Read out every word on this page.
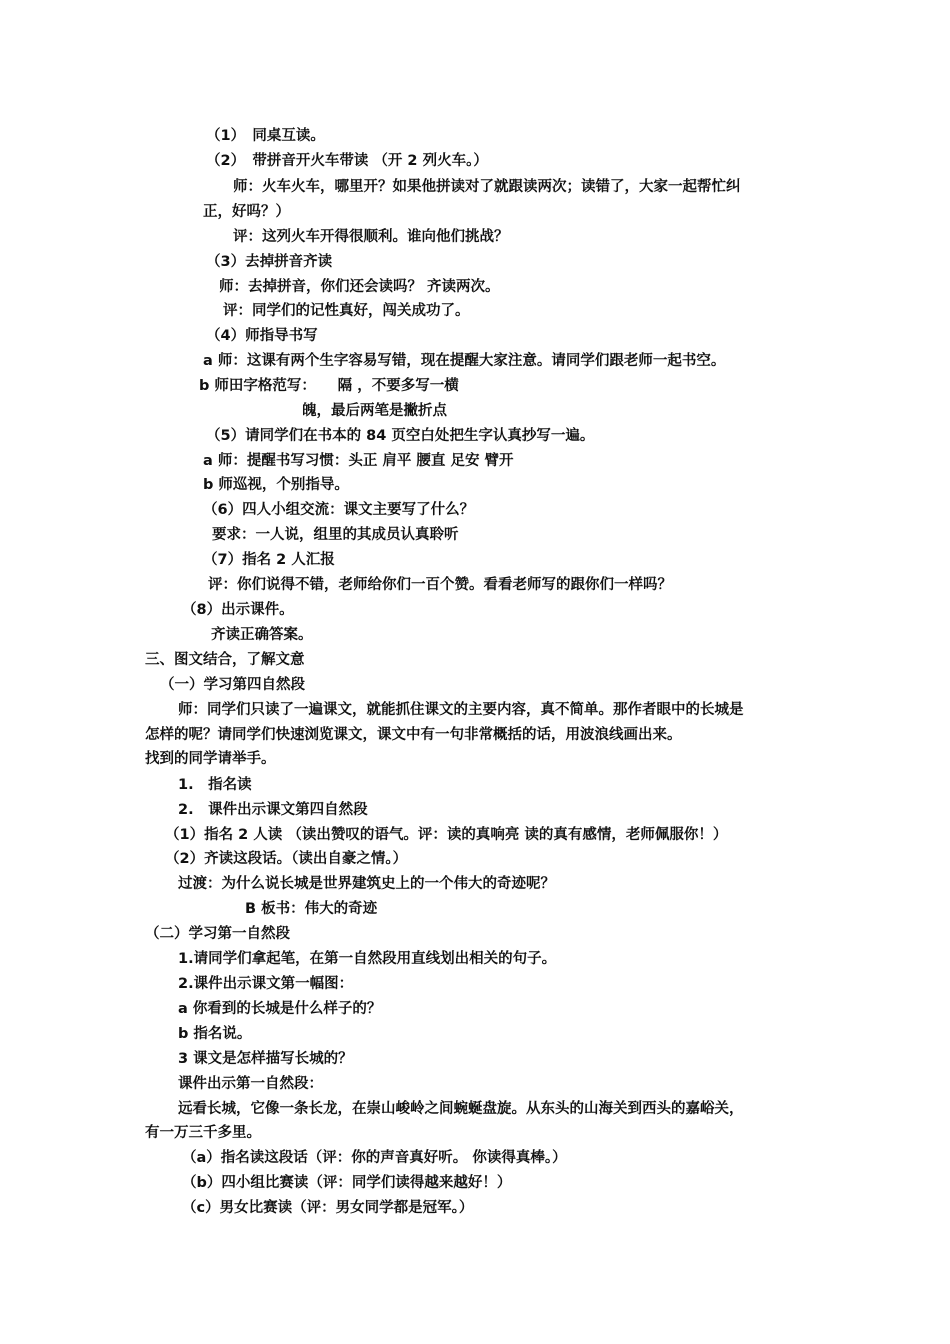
（1）　同桌互读。
（2）　带拼音开火车带读 （开 2 列火车。）
师：火车火车，哪里开？如果他拼读对了就跟读两次；读错了，大家一起帮忙纠
正，好吗？）
评：这列火车开得很顺利。谁向他们挑战？
（3）去掉拼音齐读
师：去掉拼音，你们还会读吗？ 齐读两次。
评：同学们的记性真好，闯关成功了。
（4）师指导书写
a 师：这课有两个生字容易写错，现在提醒大家注意。请同学们跟老师一起书空。
b 师田字格范写：　　隔 ，不要多写一横
魄，最后两笔是撇折点
（5）请同学们在书本的 84 页空白处把生字认真抄写一遍。
a 师：提醒书写习惯：头正 肩平 腰直 足安 臂开
b 师巡视，个别指导。
（6）四人小组交流：课文主要写了什么？
要求：一人说，组里的其成员认真聆听
（7）指名 2 人汇报
评：你们说得不错，老师给你们一百个赞。看看老师写的跟你们一样吗？
（8）出示课件。
齐读正确答案。
三、图文结合，了解文意
（一）学习第四自然段
师：同学们只读了一遍课文，就能抓住课文的主要内容，真不简单。那作者眼中的长城是
怎样的呢？请同学们快速浏览课文，课文中有一句非常概括的话，用波浪线画出来。
找到的同学请举手。
1.　指名读
2.　课件出示课文第四自然段
（1）指名 2 人读 （读出赞叹的语气。评：读的真响亮 读的真有感情，老师佩服你！）
（2）齐读这段话。（读出自豪之情。）
过渡：为什么说长城是世界建筑史上的一个伟大的奇迹呢？
B 板书：伟大的奇迹
（二）学习第一自然段
1.请同学们拿起笔，在第一自然段用直线划出相关的句子。
2.课件出示课文第一幅图：
a 你看到的长城是什么样子的？
b 指名说。
3 课文是怎样描写长城的？
课件出示第一自然段：
远看长城，它像一条长龙，在崇山峻岭之间蜿蜒盘旋。从东头的山海关到西头的嘉峪关，
有一万三千多里。
（a）指名读这段话（评：你的声音真好听。 你读得真棒。）
（b）四小组比赛读（评：同学们读得越来越好！）
（c）男女比赛读（评：男女同学都是冠军。）
